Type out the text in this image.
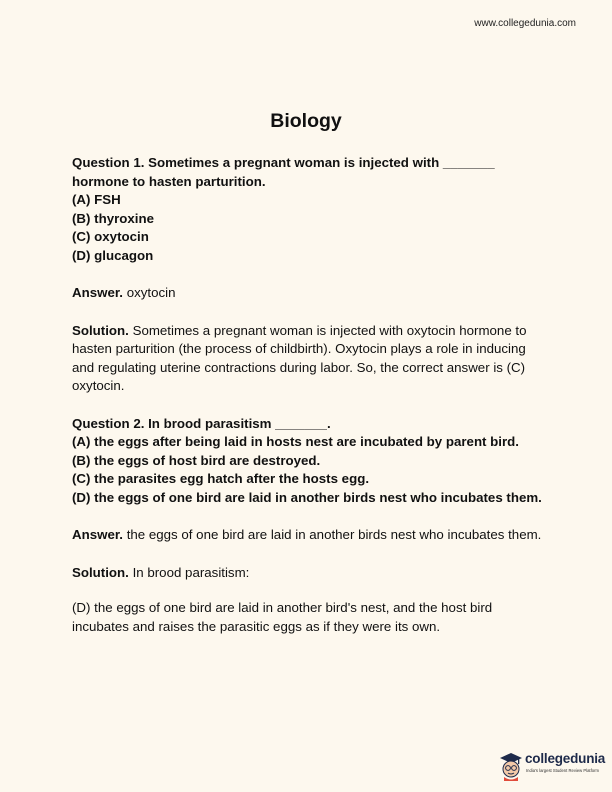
www.collegedunia.com
Biology

Question 1. Sometimes a pregnant woman is injected with _______ hormone to hasten parturition.

(A) FSH

(B) thyroxine

(C) oxytocin

(D) glucagon

Answer. oxytocin

Solution. Sometimes a pregnant woman is injected with oxytocin hormone to hasten parturition (the process of childbirth). Oxytocin plays a role in inducing and regulating uterine contractions during labor. So, the correct answer is (C) oxytocin.

Question 2. In brood parasitism _______.

(A) the eggs after being laid in hosts nest are incubated by parent bird.

(B) the eggs of host bird are destroyed.

(C) the parasites egg hatch after the hosts egg.

(D) the eggs of one bird are laid in another birds nest who incubates them.

Answer. the eggs of one bird are laid in another birds nest who incubates them.

Solution. In brood parasitism:

(D) the eggs of one bird are laid in another bird's nest, and the host bird incubates and raises the parasitic eggs as if they were its own.

collegedunia
India's largest Student Review Platform
